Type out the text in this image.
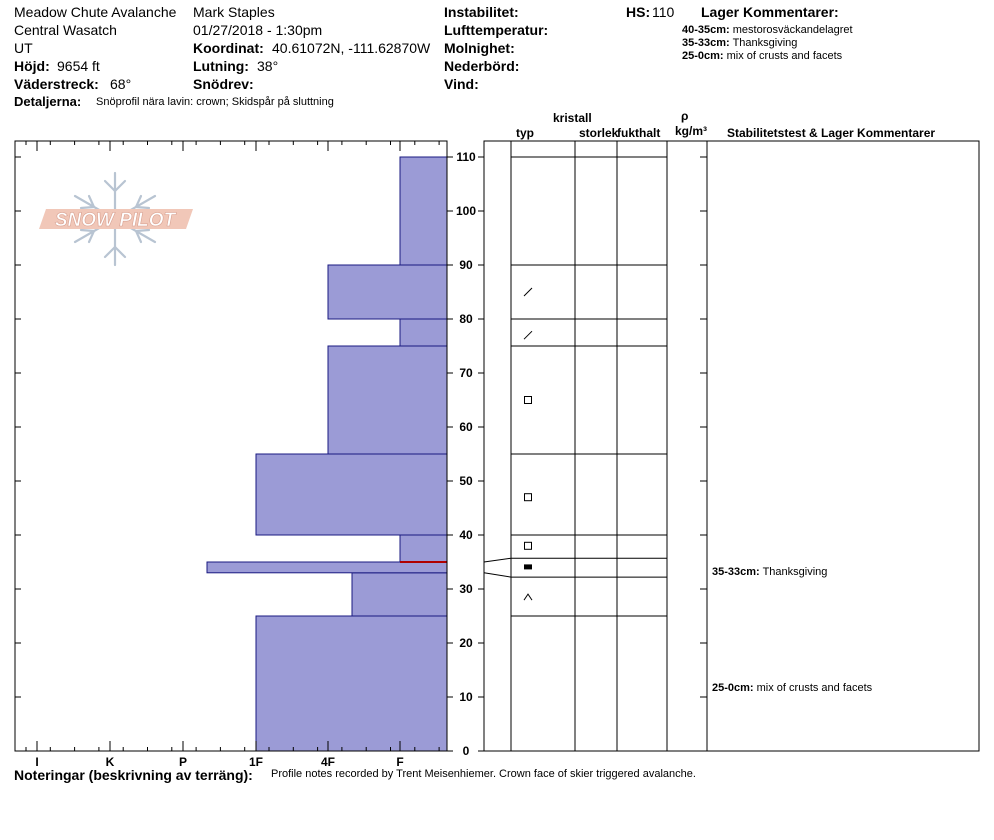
Meadow Chute Avalanche Mark Staples
Central Wasatch	01/27/2018 - 1:30pm
UT	Koordinat: 40.61072N, -111.62870W
Höjd: 9654 ft	Lutning: 38°
Väderstreck: 68°	Snödrev:
Detaljerna: Snöprofil nära lavin: crown; Skidspår på sluttning
Instabilitet:
Lufttemperatur:
Molnighet:
Nederbörd:
Vind:
HS: 110 Lager Kommentarer:
40-35cm: mestorosväckandelagret
35-33cm: Thanksgiving
25-0cm: mix of crusts and facets
kristall
typ	storlek
fukthalt
ρ
kg/m³ Stabilitetstest & Lager Kommentarer
SNOW PILOT
I	K	P	1F	4F	F
0
10
20
30
40
50
60
70
80
90
100
110
35-33cm: Thanksgiving
25-0cm: mix of crusts and facets
Noteringar (beskrivning av terräng): Profile notes recorded by Trent Meisenhiemer. Crown face of skier triggered avalanche.
